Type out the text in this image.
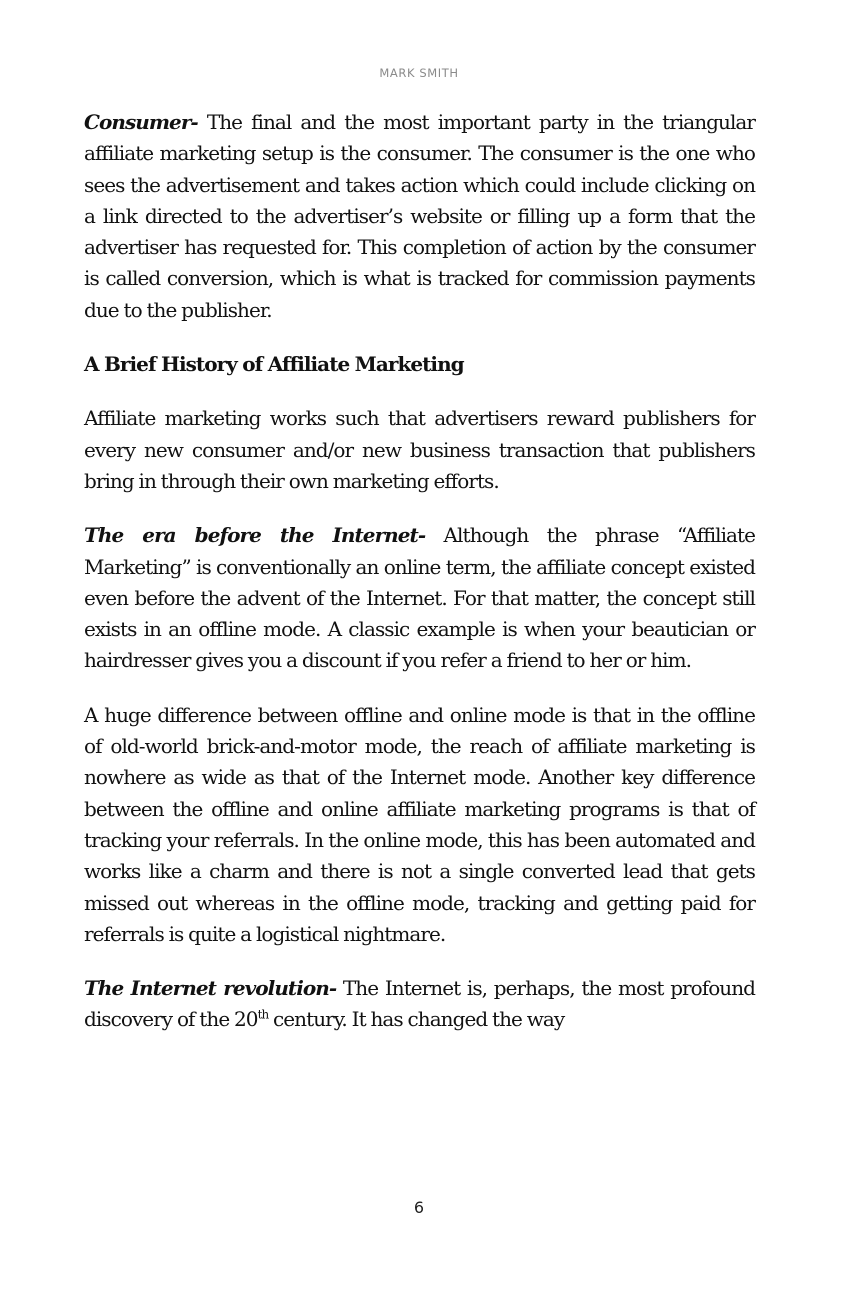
MARK SMITH

Consumer- The final and the most important party in the triangular affiliate marketing setup is the consumer. The consumer is the one who sees the advertisement and takes action which could include clicking on a link directed to the advertiser’s website or filling up a form that the advertiser has requested for. This completion of action by the consumer is called conversion, which is what is tracked for commission payments due to the publisher.

A Brief History of Affiliate Marketing

Affiliate marketing works such that advertisers reward publishers for every new consumer and/or new business transaction that publishers bring in through their own marketing efforts.

The era before the Internet- Although the phrase “Affiliate Marketing” is conventionally an online term, the affiliate concept existed even before the advent of the Internet. For that matter, the concept still exists in an offline mode. A classic example is when your beautician or hairdresser gives you a discount if you refer a friend to her or him.

A huge difference between offline and online mode is that in the offline of old-world brick-and-motor mode, the reach of affiliate marketing is nowhere as wide as that of the Internet mode. Another key difference between the offline and online affiliate marketing programs is that of tracking your referrals. In the online mode, this has been automated and works like a charm and there is not a single converted lead that gets missed out whereas in the offline mode, tracking and getting paid for referrals is quite a logistical nightmare.

The Internet revolution- The Internet is, perhaps, the most profound discovery of the 20th century. It has changed the way

6
